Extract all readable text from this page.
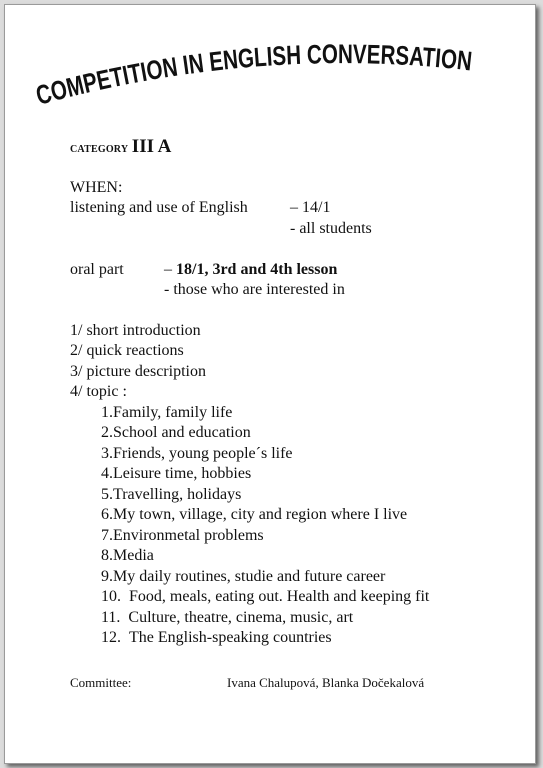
COMPETITION IN ENGLISH CONVERSATION
category III A
WHEN:
listening and use of English	– 14/1
- all students
oral part	– 18/1, 3rd and 4th lesson
- those who are interested in
1/ short introduction
2/ quick reactions
3/ picture description
4/ topic :
1.Family, family life
2.School and education
3.Friends, young people´s life
4.Leisure time, hobbies
5.Travelling, holidays
6.My town, village, city and region where I live
7.Environmetal problems
8.Media
9.My daily routines, studie and future career
10. Food, meals, eating out. Health and keeping fit
11. Culture, theatre, cinema, music, art
12. The English-speaking countries
Committee:	Ivana Chalupová, Blanka Dočekalová
